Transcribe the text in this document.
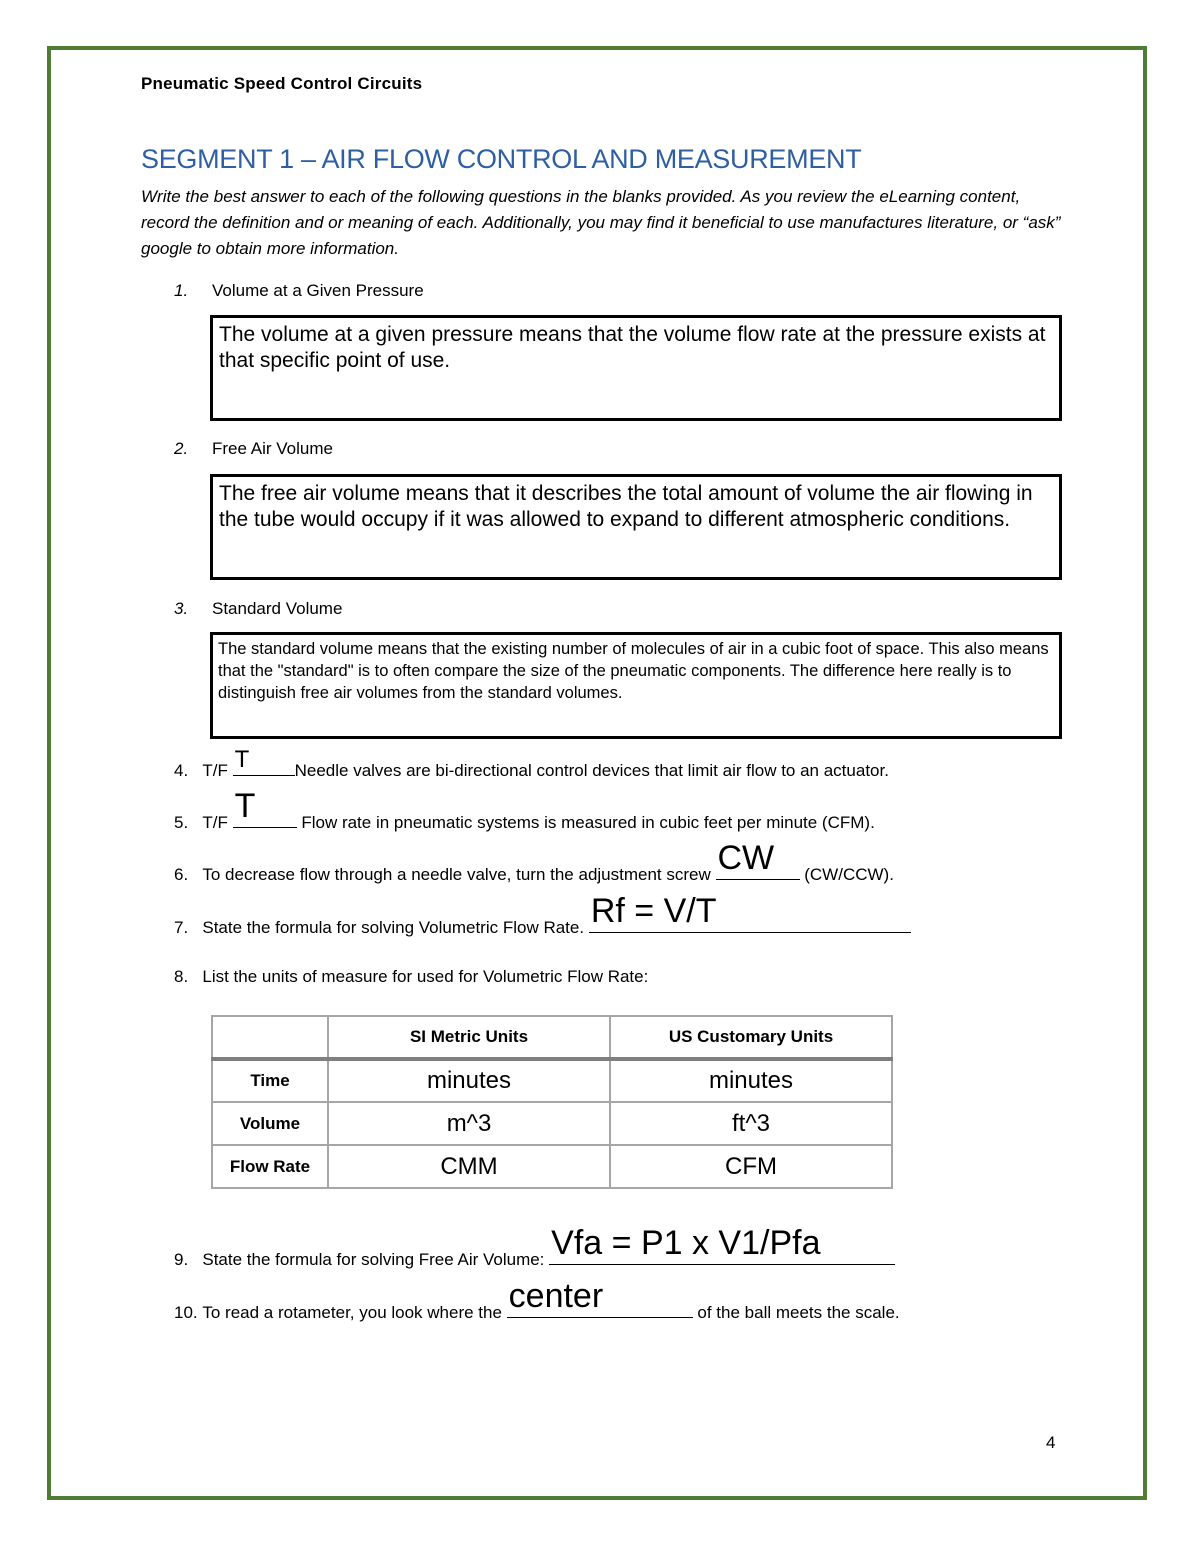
Pneumatic Speed Control Circuits
SEGMENT 1 – AIR FLOW CONTROL AND MEASUREMENT
Write the best answer to each of the following questions in the blanks provided. As you review the eLearning content, record the definition and or meaning of each. Additionally, you may find it beneficial to use manufactures literature, or “ask” google to obtain more information.
1. Volume at a Given Pressure
The volume at a given pressure means that the volume flow rate at the pressure exists at that specific point of use.
2. Free Air Volume
The free air volume means that it describes the total amount of volume the air flowing in the tube would occupy if it was allowed to expand to different atmospheric conditions.
3. Standard Volume
The standard volume means that the existing number of molecules of air in a cubic foot of space. This also means that the "standard" is to often compare the size of the pneumatic components. The difference here really is to distinguish free air volumes from the standard volumes.
4. T/F T	Needle valves are bi-directional control devices that limit air flow to an actuator.
5. T/F T	Flow rate in pneumatic systems is measured in cubic feet per minute (CFM).
6. To decrease flow through a needle valve, turn the adjustment screw CW (CW/CCW).
7. State the formula for solving Volumetric Flow Rate. Rf = V/T
8. List the units of measure for used for Volumetric Flow Rate:
	SI Metric Units	US Customary Units
Time	minutes	minutes
Volume	m^3	ft^3
Flow Rate	CMM	CFM
9. State the formula for solving Free Air Volume: Vfa = P1 x V1/Pfa
10. To read a rotameter, you look where the center	of the ball meets the scale.
4
